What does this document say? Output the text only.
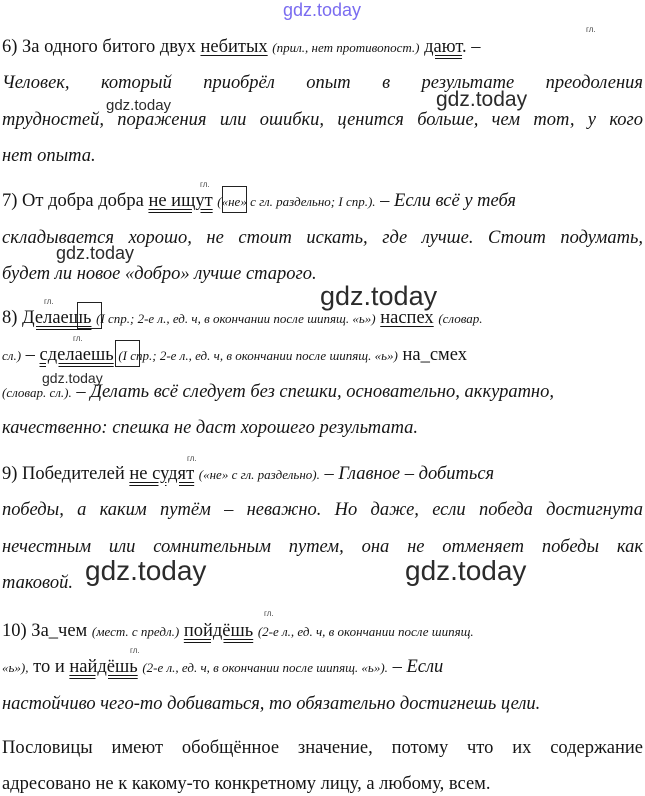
gdz.today
gdz.today	gdz.today
gdz.today
gdz.today
gdz.today
gdz.today	gdz.today
гл.
6) За одного битого двух небитых (прил., нет противопост.) дают. –
Человек, который приобрёл опыт в результате преодоления
трудностей, поражения или ошибки, ценится больше, чем тот, у кого
нет опыта.
гл.
7) От добра добра не ищут («не» с гл. раздельно; I спр.). – Если всё у тебя
складывается хорошо, не стоит искать, где лучше. Стоит подумать,
будет ли новое «добро» лучше старого.
гл.
8) Делаешь (I спр.; 2-е л., ед. ч, в окончании после шипящ. «ь») наспех (словар.
гл.
сл.) – сделаешь (I спр.; 2-е л., ед. ч, в окончании после шипящ. «ь») на_смех
(словар. сл.). – Делать всё следует без спешки, основательно, аккуратно,
качественно: спешка не даст хорошего результата.
гл.
9) Победителей не судят («не» с гл. раздельно). – Главное – добиться
победы, а каким путём – неважно. Но даже, если победа достигнута
нечестным или сомнительным путем, она не отменяет победы как
таковой.
гл.
10) За_чем (мест. с предл.) пойдёшь (2-е л., ед. ч, в окончании после шипящ.
гл.
«ь»), то и найдёшь (2-е л., ед. ч, в окончании после шипящ. «ь»). – Если
настойчиво чего-то добиваться, то обязательно достигнешь цели.
Пословицы имеют обобщённое значение, потому что их содержание
адресовано не к какому-то конкретному лицу, а любому, всем.
